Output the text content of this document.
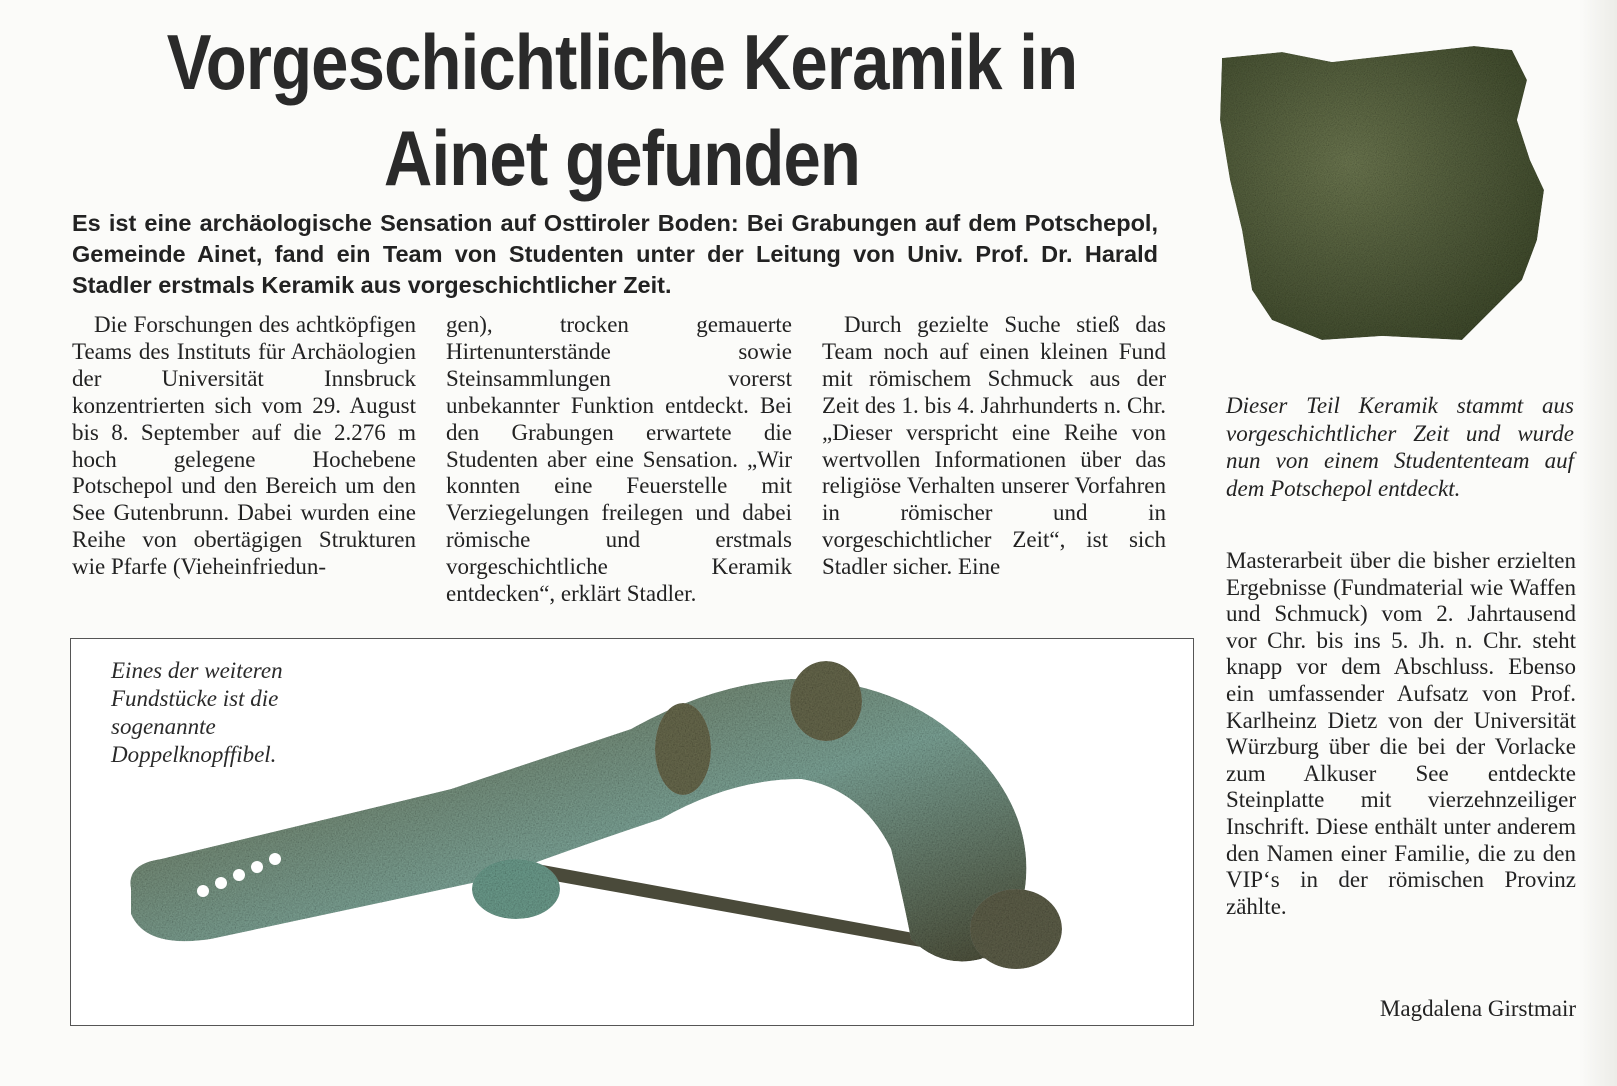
Vorgeschichtliche Keramik in Ainet gefunden

Es ist eine archäologische Sensation auf Osttiroler Boden: Bei Grabungen auf dem Potschepol, Gemeinde Ainet, fand ein Team von Studenten unter der Leitung von Univ. Prof. Dr. Harald Stadler erstmals Keramik aus vorgeschichtlicher Zeit.

Die Forschungen des achtköpfigen Teams des Instituts für Archäologien der Universität Innsbruck konzentrierten sich vom 29. August bis 8. September auf die 2.276 m hoch gelegene Hochebene Potschepol und den Bereich um den See Gutenbrunn. Dabei wurden eine Reihe von obertägigen Strukturen wie Pfarfe (Vieheinfriedun-

gen), trocken gemauerte Hirtenunterstände sowie Steinsammlungen vorerst unbekannter Funktion entdeckt. Bei den Grabungen erwartete die Studenten aber eine Sensation. „Wir konnten eine Feuerstelle mit Verziegelungen freilegen und dabei römische und erstmals vorgeschichtliche Keramik entdecken“, erklärt Stadler.

Durch gezielte Suche stieß das Team noch auf einen kleinen Fund mit römischem Schmuck aus der Zeit des 1. bis 4. Jahrhunderts n. Chr. „Dieser verspricht eine Reihe von wertvollen Informationen über das religiöse Verhalten unserer Vorfahren in römischer und in vorgeschichtlicher Zeit“, ist sich Stadler sicher. Eine

Dieser Teil Keramik stammt aus vorgeschichtlicher Zeit und wurde nun von einem Studententeam auf dem Potschepol entdeckt.

Masterarbeit über die bisher erzielten Ergebnisse (Fundmaterial wie Waffen und Schmuck) vom 2. Jahrtausend vor Chr. bis ins 5. Jh. n. Chr. steht knapp vor dem Abschluss. Ebenso ein umfassender Aufsatz von Prof. Karlheinz Dietz von der Universität Würzburg über die bei der Vorlacke zum Alkuser See entdeckte Steinplatte mit vierzehnzeiliger Inschrift. Diese enthält unter anderem den Namen einer Familie, die zu den VIP‘s in der römischen Provinz zählte.

Magdalena Girstmair

Eines der weiteren Fundstücke ist die sogenannte Doppelknopffibel.
